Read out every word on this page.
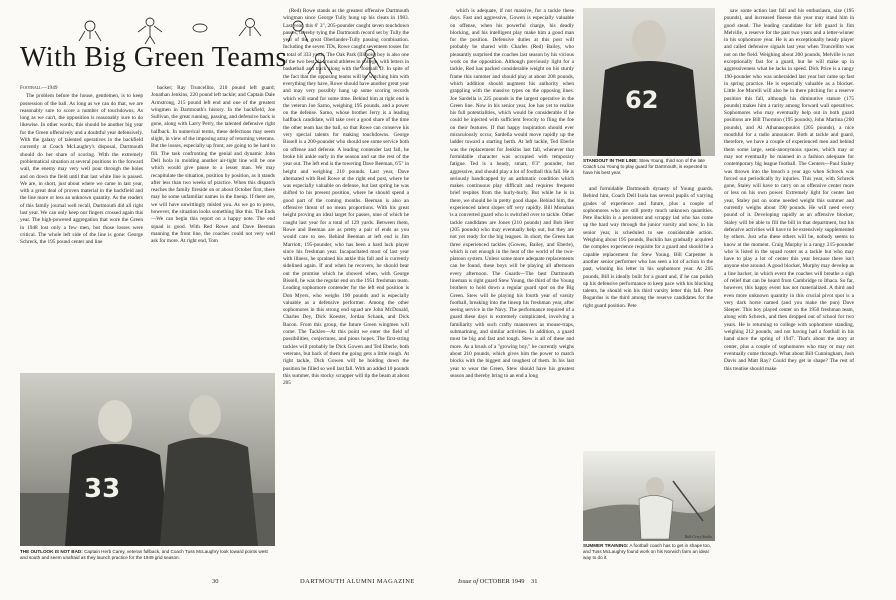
With Big Green Teams

Football—1949

The problem before the house, gentlemen, is to keep possession of the ball. As long as we can do that, we are reasonably sure to score a number of touchdowns. As long as we can't, the opposition is reasonably sure to do likewise. In other words, this should be another big year for the Green offensively and a doubtful year defensively. With the galaxy of talented operatives in the backfield currently at Coach McLaughry's disposal, Dartmouth should do her share of scoring. With the extremely problematical situation at several positions in the forward wall, the enemy may very well pour through the holes and on down the field until that last white line is passed. We are, in short, just about where we came in last year, with a great deal of proven material in the backfield and the line more or less an unknown quantity. As the readers of this family journal well recall, Dartmouth did all right last year. We can only keep our fingers crossed again this year. The high-powered aggregation that wore the Green in 1948 lost only a few men, but those losses were critical. The whole left side of the line is gone: George Schreck, the 195 pound center and line

backer; Ray Truncellito, 210 pound left guard; Jonathan Jenkins, 220 pound left tackle; and Captain Dale Armstrong, 215 pound left end and one of the greatest wingmen in Dartmouth's history. In the backfield, Joe Sullivan, the great running, passing, and defensive back is gone, along with Larry Perry, the talented defensive right halfback. In numerical terms, these defections may seem slight, in view of the imposing array of returning veterans. But the losses, especially up front, are going to be hard to fill. The task confronting the genial and dynamic John Dell Isola in molding another air-tight line will be one which would give pause to a lesser man. We may recapitulate the situation, position by position, as it stands after less than two weeks of practice. When this dispatch reaches the family fireside on or about October first, there may be some unfamiliar names in the lineup. If there are, we will have unwittingly misled you. As we go to press, however, the situation looks something like this. The Ends—We can begin this report on a happy note. The end squad is good. With Red Rowe and Dave Beeman manning the front line, the coaches could not very well ask for more. At right end, Tom

(Red) Rowe stands as the greatest offensive Dartmouth wingman since George Tully hung up his cleats in 1983. Last year, this 6' 3", 205-pounder caught seven touchdown passes, thereby tying the Dartmouth record set by Tully the year of the great Oberlander-Tully passing combination. Including the seven TDs, Rowe caught seventeen tosses for a total of 333 yards. The Oak Park (Illinois) boy is also one of the two best all-around athletes in college, with letters in basketball and track along with the football D. In spite of the fact that the opposing teams will be watching him with everything they have, Rowe should have another great year and may very possibly hang up some scoring records which will stand for some time. Behind him at right end is the veteran Joe Sarno, weighing 195 pounds, and a power on the defense. Sarno, whose brother Jerry is a leading halfback candidate, will take over a good share of the time the other team has the ball, so that Rowe can conserve his very special talents for making touchdowns. George Bissell is a 200-pounder who should see some service both on offense and defense. A leading contender last fall, he broke his ankle early in the season and sat the rest of the year out. The left end is the towering Dave Beeman, 6'5" in height and weighing 210 pounds. Last year, Dave alternated with Red Rowe at the right end post, where he was especially valuable on defense, but last spring he was shifted to his present position, where he should spend a good part of the coming months. Beeman is also an offensive threat of no mean proportions. With his great height proving an ideal target for passes, nine of which he caught last year for a total of 129 yards. Between them, Rowe and Beeman are as pretty a pair of ends as you would care to see. Behind Beeman at left end is Jim Marriott, 195-pounder, who has been a hard luck player since his freshman year. Incapacitated most of last year with illness, he sprained his ankle this fall and is currently sidelined again. If and when he recovers, he should bear out the promise which he showed when, with George Bissell, he was the regular end on the 1951 freshman team. Leading sophomore contender for the left end position is Don Myers, who weighs 190 pounds and is especially valuable as a defensive performer. Among the other sophomores in this strong end squad are John McDonald, Charles Dey, Dick Koester, Jordan Schank, and Dick Bacon. From this group, the future Green wingmen will come. The Tackles—At this point we enter the field of possibilities, conjectures, and pious hopes. The first-string tackles will probably be Dick Gowen and Ted Eberle, both veterans, but back of them the going gets a little rough. At right tackle, Dick Gowen will be holding down the position he filled so well last fall. With an added 10 pounds this summer, this stocky scrapper will tip the beam at about 205

33
THE OUTLOOK IS NOT BAD: Captain Herb Carey, veteran fullback, and Coach Tuss McLaughry look toward points west and south and seem unafraid as they launch practice for the 1949 grid season.
30	DARTMOUTH ALUMNI MAGAZINE

which is adequate, if not massive, for a tackle these days. Fast and aggressive, Gowen is especially valuable on offense, when his powerful charge, his deadly blocking, and his intelligent play make him a good man for the position. Defensive duties at this post will probably be shared with Charles (Red) Bailey, who pleasantly surprised the coaches last season by his vicious work on the opposition. Although previously light for a tackle, Red has packed considerable weight on his sturdy frame this summer and should play at about 208 pounds, which addition should augment his authority when grappling with the massive types on the opposing lines. Joe Sardella is 225 pounds is the largest operative in the Green line. Now in his senior year, Joe has yet to realize his full potentialities, which would be considerable if he could be injected with sufficient ferocity to fling the foe on their features. If that happy inspiration should ever miraculously occur, Sardella would move rapidly up the ladder toward a starting berth. At left tackle, Ted Eberle was the replacement for Jenkins last fall, whenever that formidable character was occupied with temporary fatigue. Ted is a heady, smart, 6'3" pounder, but aggressive, and should play a lot of football this fall. He is seriously handicapped by an asthmatic condition which makes continuous play difficult and requires frequent brief respites from the hurly-burly. But while he is in there, we should be in pretty good shape. Behind him, the experienced talent slopes off very rapidly. Bill Monahan is a converted guard who is switched over to tackle. Other tackle candidates are Jones (210 pounds) and Bob Herr (205 pounds) who may eventually help out, but they are not yet ready for the big leagues. In short, the Green has three experienced tackles (Gowen, Bailey, and Eberle), which is not enough in the heat of the world of the two-platoon system. Unless some more adequate replacements can be found, these boys will be playing all afternoon every afternoon. The Guards—The best Dartmouth lineman is right guard Stew Young, the third of the Young brothers to hold down a regular guard spot on the Big Green. Stew will be playing his fourth year of varsity football, breaking into the lineup his freshman year, after seeing service in the Navy. The performance required of a guard these days is extremely complicated, involving a familiarity with such crafty maneuvers as mouse-traps, submarining, and similar activities. In addition, a guard must be big and fast and tough. Stew is all of these and more. As a brush of a "growing boy," he currently weighs about 210 pounds, which gives him the power to match blocks with the biggest and toughest of them. In his last year to wear the Green, Stew should have his greatest season and thereby bring to an end a long

62
STANDOUT IN THE LINE: Stew Young, third son of the late Coach Lou Young to play guard for Dartmouth, is expected to have his best year.

and formidable Dartmouth dynasty of Young guards. Behind him, Coach Dell Isola has several pupils of varying grades of experience and future, plus a couple of sophomores who are still pretty much unknown quantities. Pete Bucklin is a persistent and scrappy lad who has come up the hard way through the junior varsity and now, in his senior year, is scheduled to see considerable action. Weighing about 195 pounds, Bucklin has gradually acquired the complex experience requisite for a guard and should be a capable replacement for Stew Young. Bill Carpenter is another senior performer who has seen a lot of action in the past, winning his letter in his sophomore year. At 205 pounds, Bill is ideally built for a guard and, if he can polish up his defensive performance to keep pace with his blocking talents, he should win his third varsity letter this fall. Pete Bogardus is the third among the reserve candidates for the right guard position. Pete

Bull-Gerry Studio
SUMMER TRAINING: A football coach has to get in shape too, and Tuss McLaughry found work on his Norwich farm an ideal way to do it.

saw some action last fall and his enthusiasm, size (195 pounds), and increased finesse this year may stand him in good stead. The leading candidate for left guard is Jim Melville, a reserve for the past two years and a letter-winner in his sophomore year. He is an exceptionally heady player and called defensive signals last year when Truncellito was not on the field. Weighing about 200 pounds, Melville is not exceptionally fast for a guard, but he will make up in aggressiveness what he lacks in speed. Dick Price is a rangy 190-pounder who was unheralded last year but came up fast in spring practice. He is especially valuable as a blocker. Little Joe Morelli will also be in there pitching for a reserve position this fall, although his diminutive stature (175 pounds) makes him a rarity among forward wall operatives. Sophomores who may eventually help out in both guard positions are Bill Thornton (195 pounds), John Martina (200 pounds), and Al Athanasopoulos (205 pounds), a nice mouthful for a radio announcer. Both at tackle and guard, therefore, we have a couple of experienced men and behind them some large, semi-anonymous spaces, which may or may not eventually be manned in a fashion adequate for contemporary big league football. The Centers—Paul Staley was thrown into the breach a year ago when Schreck was forced out periodically by injuries. This year, with Schreck gone, Staley will have to carry on as offensive center more or less on his own power. Extremely light for center last year, Staley put on some needed weight this summer and currently weighs about 190 pounds. He will need every pound of it. Developing rapidly as an offensive blocker, Staley will be able to fill the bill in that department, but his defensive activities will have to be extensively supplemented by others. Just who these others will be, nobody seems to know at the moment. Craig Murphy is a rangy 215-pounder who is listed in the squad roster as a tackle but who may have to play a lot of center this year because there isn't anyone else around. A good blocker, Murphy may develop as a line backer, in which event the coaches will breathe a sigh of relief that can be heard from Cambridge to Ithaca. So far, however, this happy event has not materialized. A third and even more unknown quantity in this crucial pivot spot is a very dark horse named (and you make the pun) Dave Sleeper. This boy played center on the 1950 freshman team, along with Schreck, and then dropped out of school for two years. He is returning to college with sophomore standing, weighing 212 pounds, and not having had a football in his hand since the spring of 1947. That's about the story at center, plus a couple of sophomores who may or may not eventually come through. What about Bill Cunningham, Josh Davis and Matt Ray? Could they get in shape? The rest of this treatise should make

Issue of OCTOBER 1949 31
